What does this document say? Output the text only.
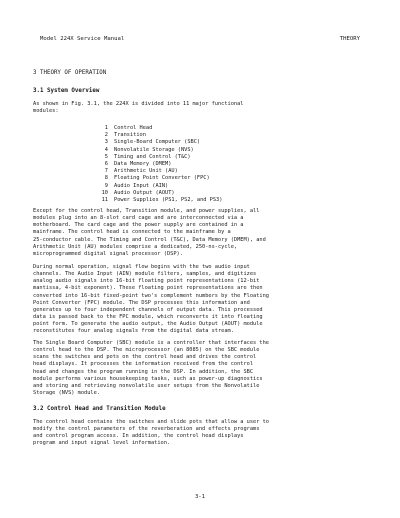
Model 224X Service Manual	THEORY
3 THEORY OF OPERATION
3.1 System Overview

As shown in Fig. 3.1, the 224X is divided into 11 major functional
modules:

1 Control Head
2 Transition
3 Single-Board Computer (SBC)
4 Nonvolatile Storage (NVS)
5 Timing and Control (T&C)
6 Data Memory (DMEM)
7 Arithmetic Unit (AU)
8 Floating Point Converter (FPC)
9 Audio Input (AIN)
10 Audio Output (AOUT)
11 Power Supplies (PS1, PS2, and PS3)

Except for the control head, Transition module, and power supplies, all
modules plug into an 8-slot card cage and are interconnected via a
motherboard. The card cage and the power supply are contained in a
mainframe. The control head is connected to the mainframe by a
25-conductor cable. The Timing and Control (T&C), Data Memory (DMEM), and
Arithmetic Unit (AU) modules comprise a dedicated, 250-ns-cycle,
microprogrammed digital signal processor (DSP).

During normal operation, signal flow begins with the two audio input
channels. The Audio Input (AIN) module filters, samples, and digitizes
analog audio signals into 16-bit floating point representations (12-bit
mantissa, 4-bit exponent). These floating point representations are then
converted into 16-bit fixed-point two's complement numbers by the Floating
Point Converter (FPC) module. The DSP processes this information and
generates up to four independent channels of output data. This processed
data is passed back to the FPC module, which reconverts it into floating
point form. To generate the audio output, the Audio Output (AOUT) module
reconstitutes four analog signals from the digital data stream.

The Single Board Computer (SBC) module is a controller that interfaces the
control head to the DSP. The microprocessor (an 8085) on the SBC module
scans the switches and pots on the control head and drives the control
head displays. It processes the information received from the control
head and changes the program running in the DSP. In addition, the SBC
module performs various housekeeping tasks, such as power-up diagnostics
and storing and retrieving nonvolatile user setups from the Nonvolatile
Storage (NVS) module.

3.2 Control Head and Transition Module

The control head contains the switches and slide pots that allow a user to
modify the control parameters of the reverberation and effects programs
and control program access. In addition, the control head displays
program and input signal level information.

3-1
